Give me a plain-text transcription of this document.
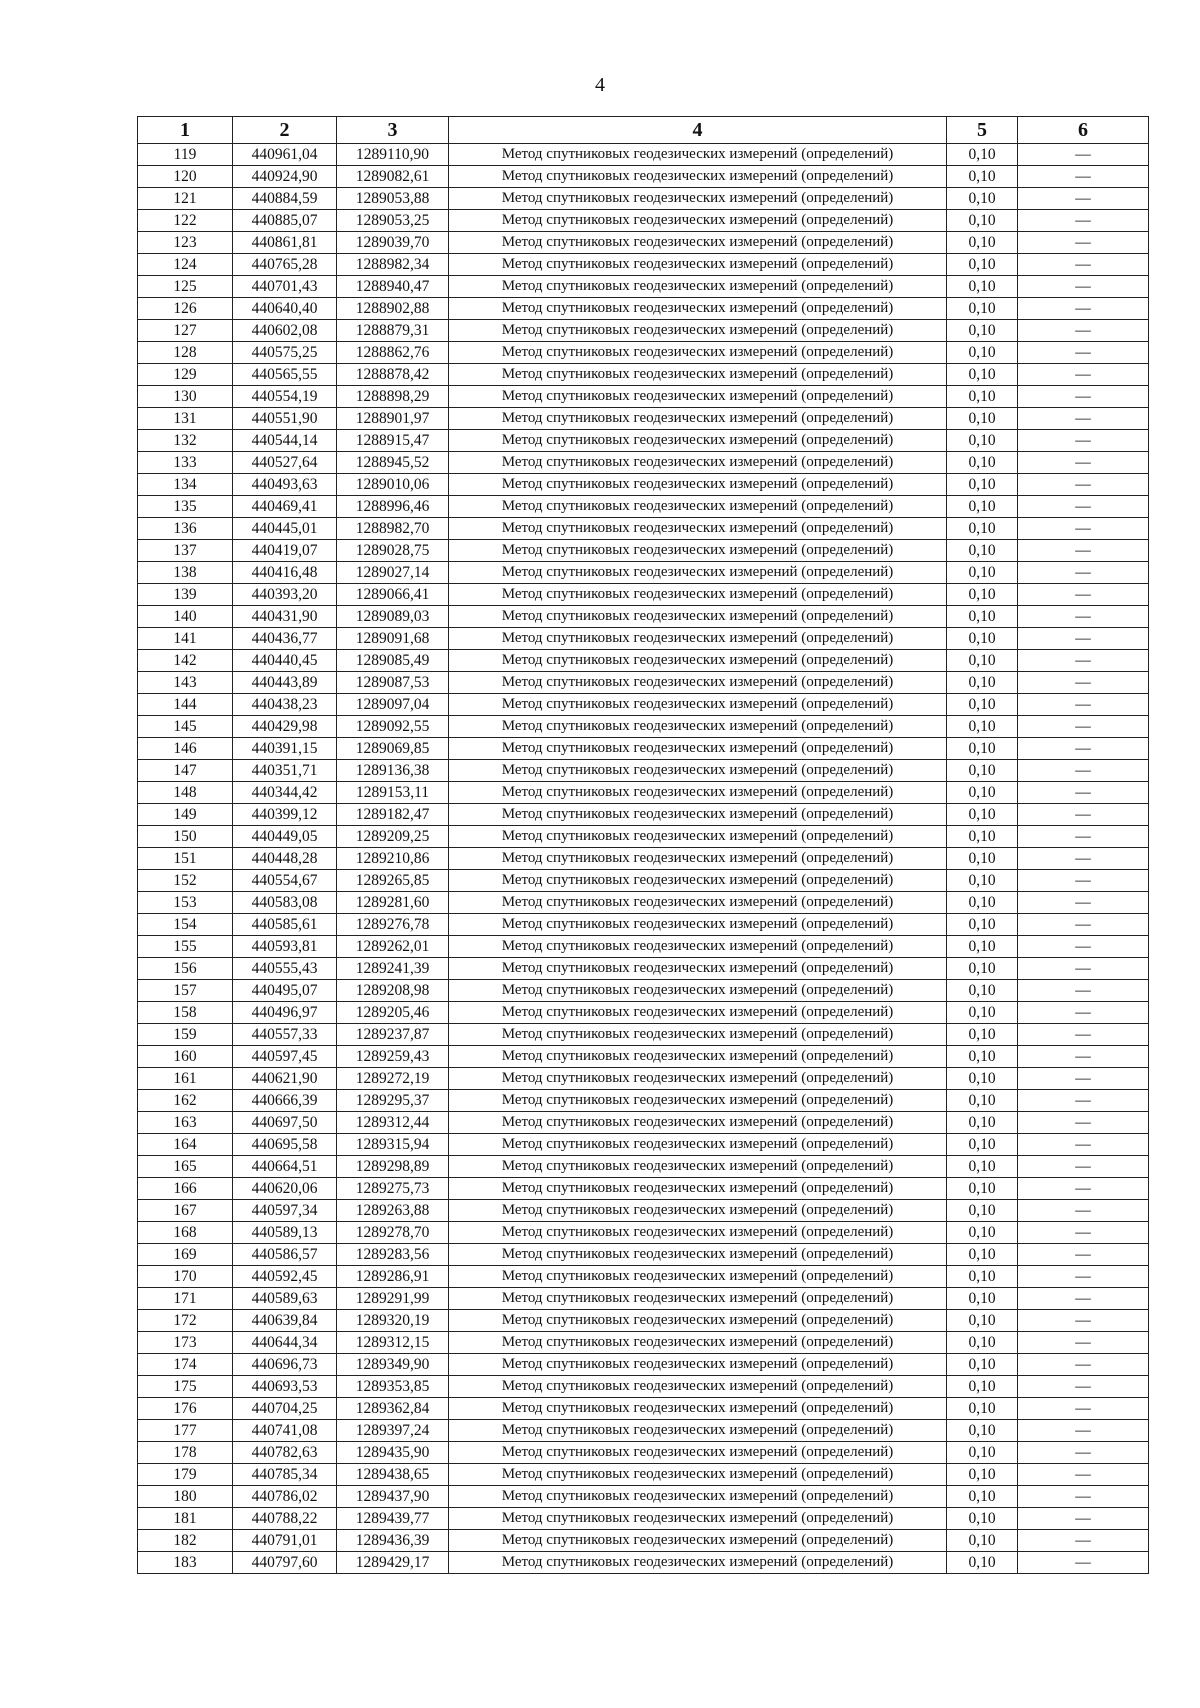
4
1	2	3	4	5	6
119	440961,04	1289110,90	Метод спутниковых геодезических измерений (определений)	0,10	—
120	440924,90	1289082,61	Метод спутниковых геодезических измерений (определений)	0,10	—
121	440884,59	1289053,88	Метод спутниковых геодезических измерений (определений)	0,10	—
122	440885,07	1289053,25	Метод спутниковых геодезических измерений (определений)	0,10	—
123	440861,81	1289039,70	Метод спутниковых геодезических измерений (определений)	0,10	—
124	440765,28	1288982,34	Метод спутниковых геодезических измерений (определений)	0,10	—
125	440701,43	1288940,47	Метод спутниковых геодезических измерений (определений)	0,10	—
126	440640,40	1288902,88	Метод спутниковых геодезических измерений (определений)	0,10	—
127	440602,08	1288879,31	Метод спутниковых геодезических измерений (определений)	0,10	—
128	440575,25	1288862,76	Метод спутниковых геодезических измерений (определений)	0,10	—
129	440565,55	1288878,42	Метод спутниковых геодезических измерений (определений)	0,10	—
130	440554,19	1288898,29	Метод спутниковых геодезических измерений (определений)	0,10	—
131	440551,90	1288901,97	Метод спутниковых геодезических измерений (определений)	0,10	—
132	440544,14	1288915,47	Метод спутниковых геодезических измерений (определений)	0,10	—
133	440527,64	1288945,52	Метод спутниковых геодезических измерений (определений)	0,10	—
134	440493,63	1289010,06	Метод спутниковых геодезических измерений (определений)	0,10	—
135	440469,41	1288996,46	Метод спутниковых геодезических измерений (определений)	0,10	—
136	440445,01	1288982,70	Метод спутниковых геодезических измерений (определений)	0,10	—
137	440419,07	1289028,75	Метод спутниковых геодезических измерений (определений)	0,10	—
138	440416,48	1289027,14	Метод спутниковых геодезических измерений (определений)	0,10	—
139	440393,20	1289066,41	Метод спутниковых геодезических измерений (определений)	0,10	—
140	440431,90	1289089,03	Метод спутниковых геодезических измерений (определений)	0,10	—
141	440436,77	1289091,68	Метод спутниковых геодезических измерений (определений)	0,10	—
142	440440,45	1289085,49	Метод спутниковых геодезических измерений (определений)	0,10	—
143	440443,89	1289087,53	Метод спутниковых геодезических измерений (определений)	0,10	—
144	440438,23	1289097,04	Метод спутниковых геодезических измерений (определений)	0,10	—
145	440429,98	1289092,55	Метод спутниковых геодезических измерений (определений)	0,10	—
146	440391,15	1289069,85	Метод спутниковых геодезических измерений (определений)	0,10	—
147	440351,71	1289136,38	Метод спутниковых геодезических измерений (определений)	0,10	—
148	440344,42	1289153,11	Метод спутниковых геодезических измерений (определений)	0,10	—
149	440399,12	1289182,47	Метод спутниковых геодезических измерений (определений)	0,10	—
150	440449,05	1289209,25	Метод спутниковых геодезических измерений (определений)	0,10	—
151	440448,28	1289210,86	Метод спутниковых геодезических измерений (определений)	0,10	—
152	440554,67	1289265,85	Метод спутниковых геодезических измерений (определений)	0,10	—
153	440583,08	1289281,60	Метод спутниковых геодезических измерений (определений)	0,10	—
154	440585,61	1289276,78	Метод спутниковых геодезических измерений (определений)	0,10	—
155	440593,81	1289262,01	Метод спутниковых геодезических измерений (определений)	0,10	—
156	440555,43	1289241,39	Метод спутниковых геодезических измерений (определений)	0,10	—
157	440495,07	1289208,98	Метод спутниковых геодезических измерений (определений)	0,10	—
158	440496,97	1289205,46	Метод спутниковых геодезических измерений (определений)	0,10	—
159	440557,33	1289237,87	Метод спутниковых геодезических измерений (определений)	0,10	—
160	440597,45	1289259,43	Метод спутниковых геодезических измерений (определений)	0,10	—
161	440621,90	1289272,19	Метод спутниковых геодезических измерений (определений)	0,10	—
162	440666,39	1289295,37	Метод спутниковых геодезических измерений (определений)	0,10	—
163	440697,50	1289312,44	Метод спутниковых геодезических измерений (определений)	0,10	—
164	440695,58	1289315,94	Метод спутниковых геодезических измерений (определений)	0,10	—
165	440664,51	1289298,89	Метод спутниковых геодезических измерений (определений)	0,10	—
166	440620,06	1289275,73	Метод спутниковых геодезических измерений (определений)	0,10	—
167	440597,34	1289263,88	Метод спутниковых геодезических измерений (определений)	0,10	—
168	440589,13	1289278,70	Метод спутниковых геодезических измерений (определений)	0,10	—
169	440586,57	1289283,56	Метод спутниковых геодезических измерений (определений)	0,10	—
170	440592,45	1289286,91	Метод спутниковых геодезических измерений (определений)	0,10	—
171	440589,63	1289291,99	Метод спутниковых геодезических измерений (определений)	0,10	—
172	440639,84	1289320,19	Метод спутниковых геодезических измерений (определений)	0,10	—
173	440644,34	1289312,15	Метод спутниковых геодезических измерений (определений)	0,10	—
174	440696,73	1289349,90	Метод спутниковых геодезических измерений (определений)	0,10	—
175	440693,53	1289353,85	Метод спутниковых геодезических измерений (определений)	0,10	—
176	440704,25	1289362,84	Метод спутниковых геодезических измерений (определений)	0,10	—
177	440741,08	1289397,24	Метод спутниковых геодезических измерений (определений)	0,10	—
178	440782,63	1289435,90	Метод спутниковых геодезических измерений (определений)	0,10	—
179	440785,34	1289438,65	Метод спутниковых геодезических измерений (определений)	0,10	—
180	440786,02	1289437,90	Метод спутниковых геодезических измерений (определений)	0,10	—
181	440788,22	1289439,77	Метод спутниковых геодезических измерений (определений)	0,10	—
182	440791,01	1289436,39	Метод спутниковых геодезических измерений (определений)	0,10	—
183	440797,60	1289429,17	Метод спутниковых геодезических измерений (определений)	0,10	—
